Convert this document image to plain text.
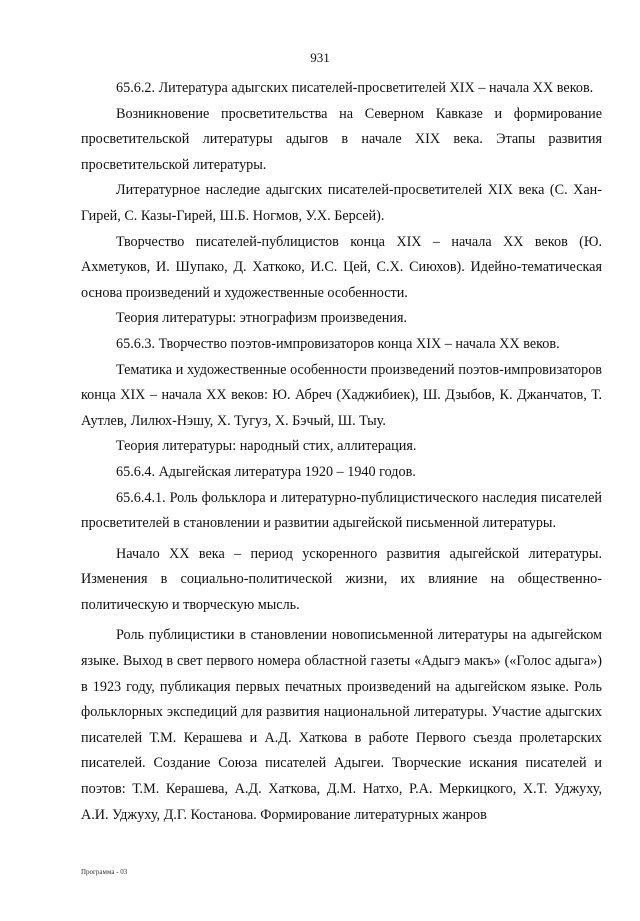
931

65.6.2. Литература адыгских писателей-просветителей XIX – начала XX веков.

Возникновение просветительства на Северном Кавказе и формирование просветительской литературы адыгов в начале XIX века. Этапы развития просветительской литературы.

Литературное наследие адыгских писателей-просветителей XIX века (С. Хан-Гирей, С. Казы-Гирей, Ш.Б. Ногмов, У.Х. Берсей).

Творчество писателей-публицистов конца XIX – начала XX веков (Ю. Ахметуков, И. Шупако, Д. Хаткоко, И.С. Цей, С.Х. Сиюхов). Идейно-тематическая основа произведений и художественные особенности.

Теория литературы: этнографизм произведения.

65.6.3. Творчество поэтов-импровизаторов конца XIX – начала XX веков.

Тематика и художественные особенности произведений поэтов-импровизаторов конца XIX – начала XX веков: Ю. Абреч (Хаджибиек), Ш. Дзыбов, К. Джанчатов, Т. Аутлев, Лилюх-Нэшу, Х. Тугуз, Х. Бэчый, Ш. Тыу.

Теория литературы: народный стих, аллитерация.

65.6.4. Адыгейская литература 1920 – 1940 годов.

65.6.4.1. Роль фольклора и литературно-публицистического наследия писателей просветителей в становлении и развитии адыгейской письменной литературы.

Начало XX века – период ускоренного развития адыгейской литературы. Изменения в социально-политической жизни, их влияние на общественно-политическую и творческую мысль.

Роль публицистики в становлении новописьменной литературы на адыгейском языке. Выход в свет первого номера областной газеты «Адыгэ макъ» («Голос адыга») в 1923 году, публикация первых печатных произведений на адыгейском языке. Роль фольклорных экспедиций для развития национальной литературы. Участие адыгских писателей Т.М. Керашева и А.Д. Хаткова в работе Первого съезда пролетарских писателей. Создание Союза писателей Адыгеи. Творческие искания писателей и поэтов: Т.М. Керашева, А.Д. Хаткова, Д.М. Натхо, Р.А. Меркицкого, Х.Т. Уджуху, А.И. Уджуху, Д.Г. Костанова. Формирование литературных жанров

Программа - 03
